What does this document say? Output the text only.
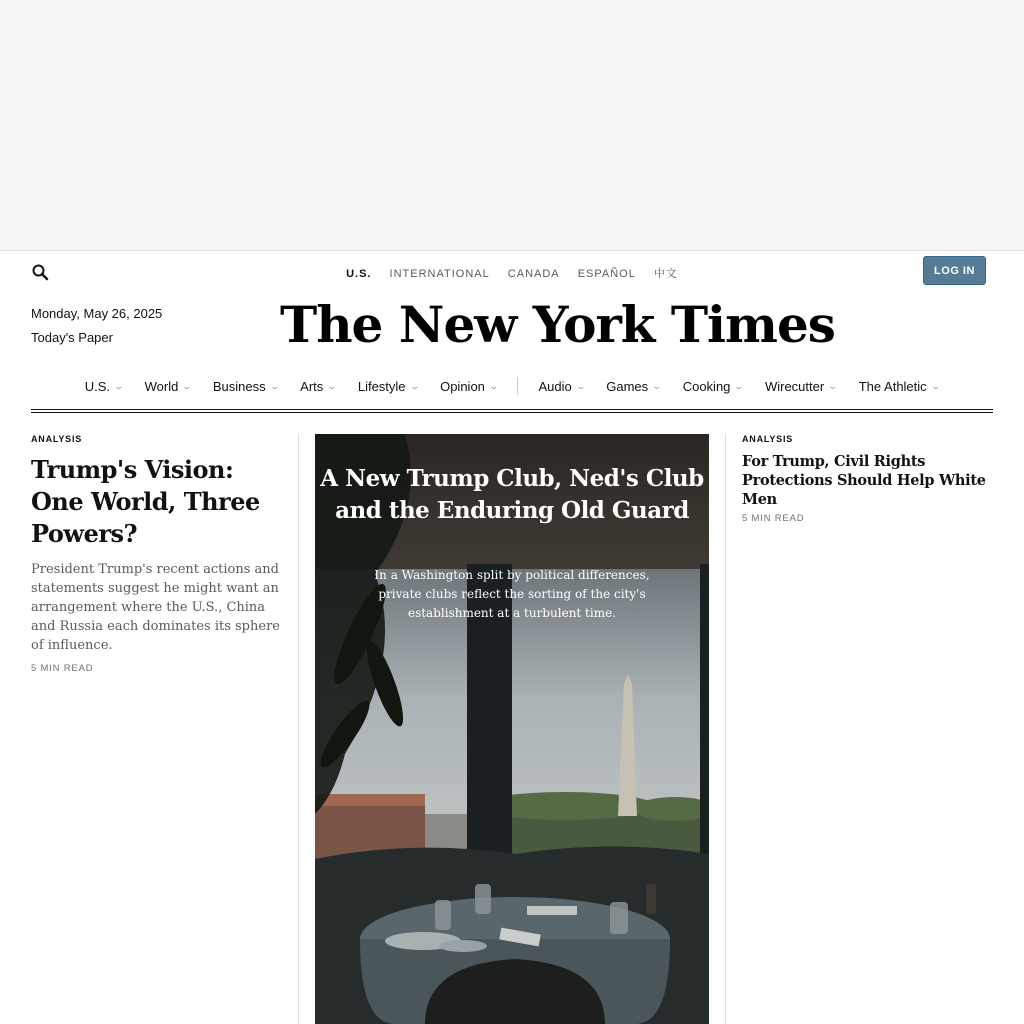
U.S. INTERNATIONAL CANADA ESPAÑOL 中文	LOG IN
Monday, May 26, 2025
Today's Paper	The New York Times
U.S. ⌄ World ⌄ Business ⌄ Arts ⌄ Lifestyle ⌄ Opinion ⌄	Audio ⌄ Games ⌄ Cooking ⌄ Wirecutter ⌄ The Athletic ⌄
ANALYSIS
Trump's Vision: One World, Three Powers?
President Trump's recent actions and statements suggest he might want an arrangement where the U.S., China and Russia each dominates its sphere of influence.
5 MIN READ
A New Trump Club, Ned's Club and the Enduring Old Guard
In a Washington split by political differences, private clubs reflect the sorting of the city's establishment at a turbulent time.
ANALYSIS
For Trump, Civil Rights Protections Should Help White Men
5 MIN READ
